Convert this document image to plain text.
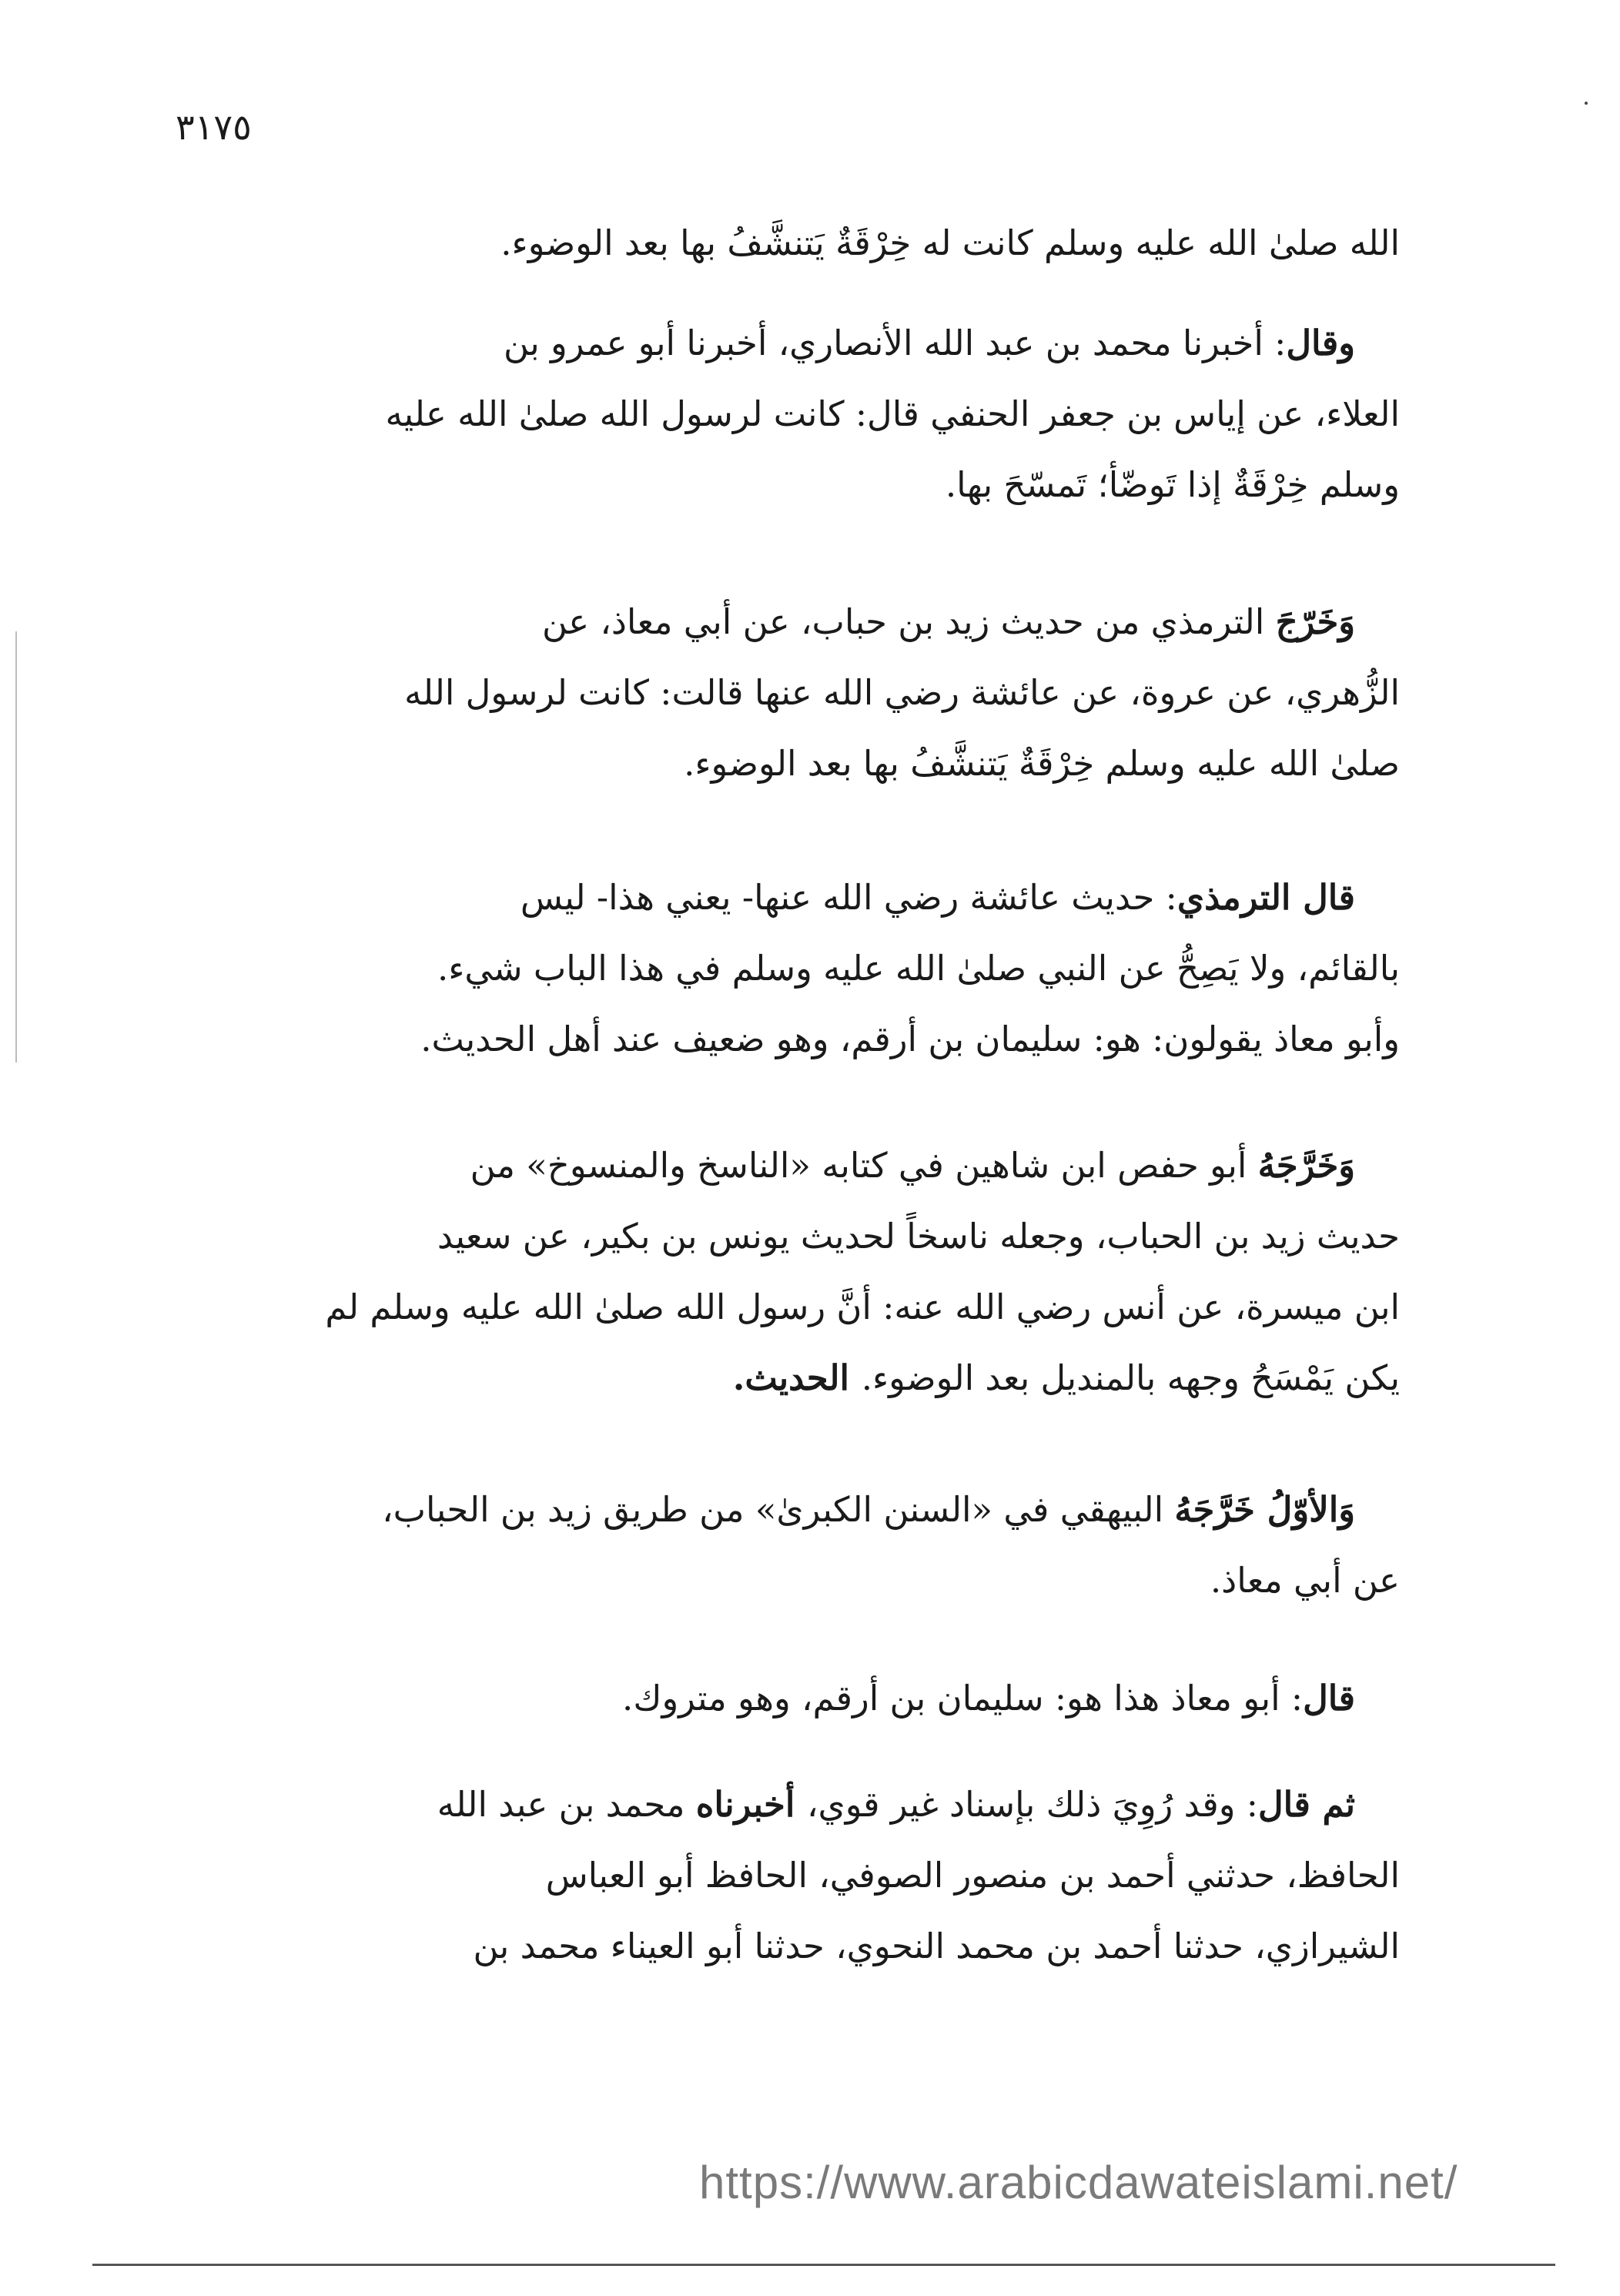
٣١٧٥
الله صلىٰ الله عليه وسلم كانت له خِرْقَةٌ يَتنشَّفُ بها بعد الوضوء.
وقال: أخبرنا محمد بن عبد الله الأنصاري، أخبرنا أبو عمرو بن
العلاء، عن إياس بن جعفر الحنفي قال: كانت لرسول الله صلىٰ الله عليه
وسلم خِرْقَةٌ إذا تَوضّأ؛ تَمسّحَ بها.
وَخَرّجَ الترمذي من حديث زيد بن حباب، عن أبي معاذ، عن
الزُّهري، عن عروة، عن عائشة رضي الله عنها قالت: كانت لرسول الله
صلىٰ الله عليه وسلم خِرْقَةٌ يَتنشَّفُ بها بعد الوضوء.
قال الترمذي: حديث عائشة رضي الله عنها- يعني هذا- ليس
بالقائم، ولا يَصِحُّ عن النبي صلىٰ الله عليه وسلم في هذا الباب شيء.
وأبو معاذ يقولون: هو: سليمان بن أرقم، وهو ضعيف عند أهل الحديث.
وَخَرَّجَهُ أبو حفص ابن شاهين في كتابه «الناسخ والمنسوخ» من
حديث زيد بن الحباب، وجعله ناسخاً لحديث يونس بن بكير، عن سعيد
ابن ميسرة، عن أنس رضي الله عنه: أنَّ رسول الله صلىٰ الله عليه وسلم لم
يكن يَمْسَحُ وجهه بالمنديل بعد الوضوء. الحديث.
وَالأوّلُ خَرَّجَهُ البيهقي في «السنن الكبرىٰ» من طريق زيد بن الحباب،
عن أبي معاذ.
قال: أبو معاذ هذا هو: سليمان بن أرقم، وهو متروك.
ثم قال: وقد رُوِيَ ذلك بإسناد غير قوي، أخبرناه محمد بن عبد الله
الحافظ، حدثني أحمد بن منصور الصوفي، الحافظ أبو العباس
الشيرازي، حدثنا أحمد بن محمد النحوي، حدثنا أبو العيناء محمد بن
https://www.arabicdawateislami.net/
